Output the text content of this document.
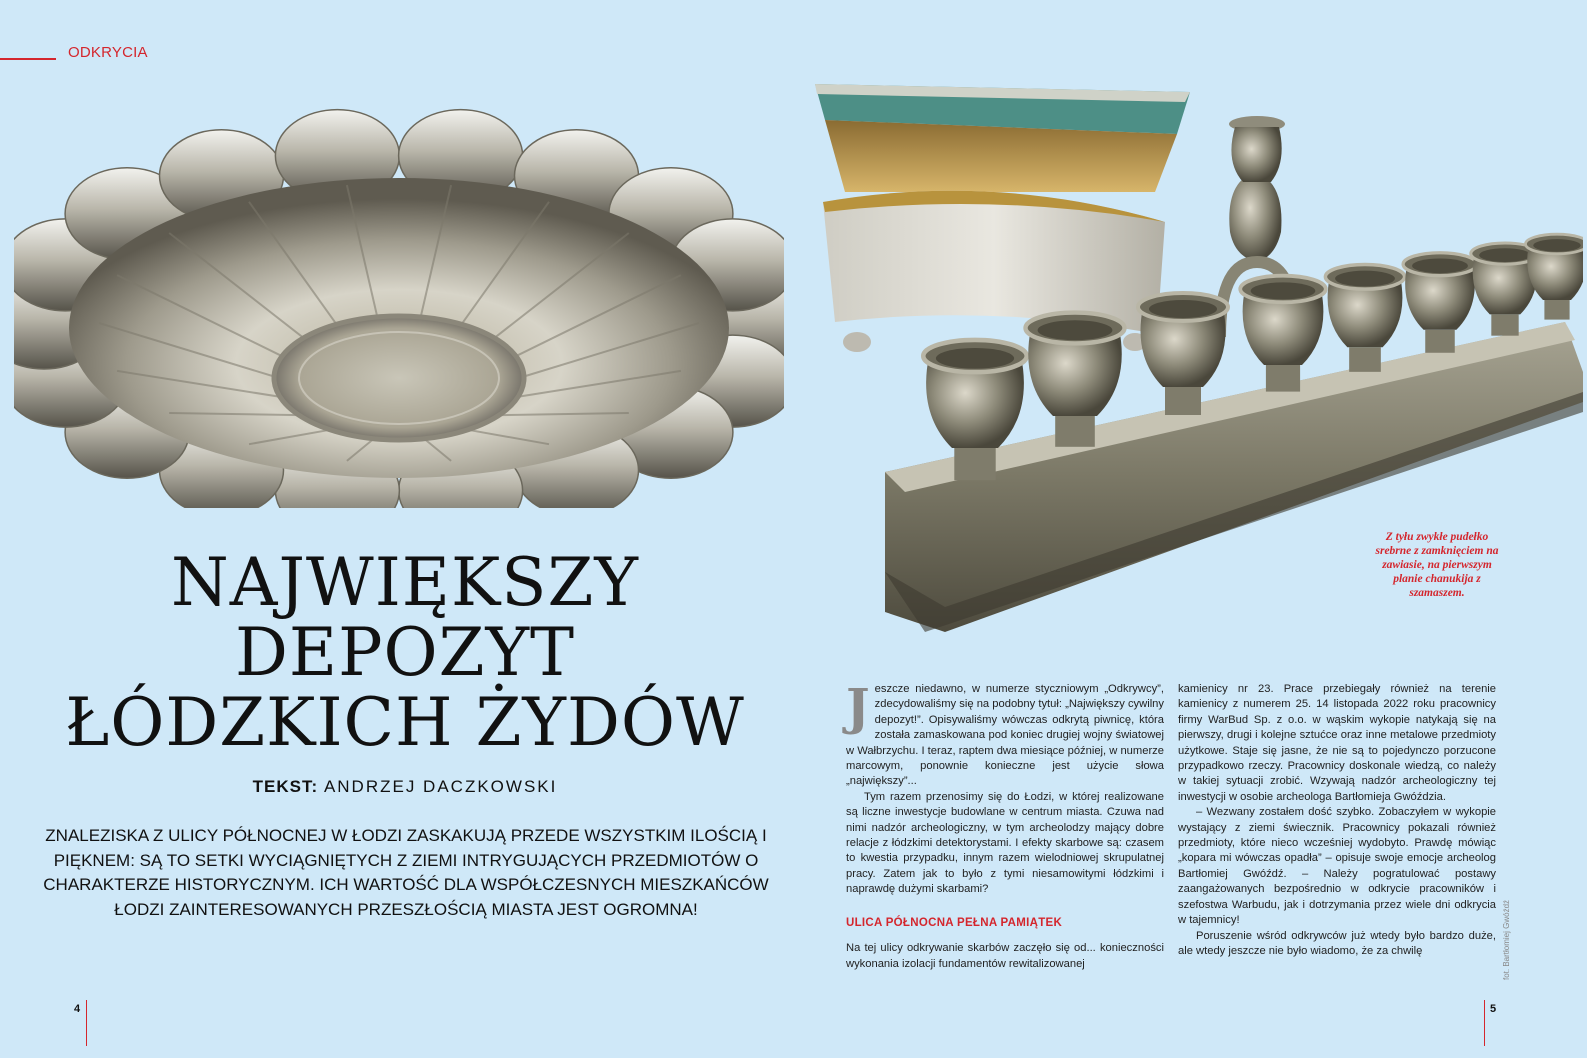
ODKRYCIA
NAJWIĘKSZY
DEPOZYT
ŁÓDZKICH ŻYDÓW
TEKST: ANDRZEJ DACZKOWSKI
ZNALEZISKA Z ULICY PÓŁNOCNEJ W ŁODZI ZASKAKUJĄ PRZEDE WSZYSTKIM ILOŚCIĄ I PIĘKNEM: SĄ TO SETKI WYCIĄGNIĘTYCH Z ZIEMI INTRYGUJĄCYCH PRZEDMIOTÓW O CHARAKTERZE HISTORYCZNYM. ICH WARTOŚĆ DLA WSPÓŁCZESNYCH MIESZKAŃCÓW ŁODZI ZAINTERESOWANYCH PRZESZŁOŚCIĄ MIASTA JEST OGROMNA!
Z tyłu zwykłe pudełko srebrne z zamknięciem na zawiasie, na pierwszym planie chanukija z szamaszem.

Jeszcze niedawno, w numerze styczniowym „Odkrywcy”, zdecydowaliśmy się na podobny tytuł: „Największy cywilny depozyt!”. Opisywaliśmy wówczas odkrytą piwnicę, która została zamaskowana pod koniec drugiej wojny światowej w Wałbrzychu. I teraz, raptem dwa miesiące później, w numerze marcowym, ponownie konieczne jest użycie słowa „największy”...

Tym razem przenosimy się do Łodzi, w której realizowane są liczne inwestycje budowlane w centrum miasta. Czuwa nad nimi nadzór archeologiczny, w tym archeolodzy mający dobre relacje z łódzkimi detektorystami. I efekty skarbowe są: czasem to kwestia przypadku, innym razem wielodniowej skrupulatnej pracy. Zatem jak to było z tymi niesamowitymi łódzkimi i naprawdę dużymi skarbami?

ULICA PÓŁNOCNA PEŁNA PAMIĄTEK

Na tej ulicy odkrywanie skarbów zaczęło się od... konieczności wykonania izolacji fundamentów rewitalizowanej

kamienicy nr 23. Prace przebiegały również na terenie kamienicy z numerem 25. 14 listopada 2022 roku pracownicy firmy WarBud Sp. z o.o. w wąskim wykopie natykają się na pierwszy, drugi i kolejne sztućce oraz inne metalowe przedmioty użytkowe. Staje się jasne, że nie są to pojedynczo porzucone przypadkowo rzeczy. Pracownicy doskonale wiedzą, co należy w takiej sytuacji zrobić. Wzywają nadzór archeologiczny tej inwestycji w osobie archeologa Bartłomieja Gwóździa.

– Wezwany zostałem dość szybko. Zobaczyłem w wykopie wystający z ziemi świecznik. Pracownicy pokazali również przedmioty, które nieco wcześniej wydobyto. Prawdę mówiąc „kopara mi wówczas opadła” – opisuje swoje emocje archeolog Bartłomiej Gwóźdź. – Należy pogratulować postawy zaangażowanych bezpośrednio w odkrycie pracowników i szefostwa Warbudu, jak i dotrzymania przez wiele dni odkrycia w tajemnicy!

Poruszenie wśród odkrywców już wtedy było bardzo duże, ale wtedy jeszcze nie było wiadomo, że za chwilę	fot. Bartłomiej Gwóźdź
4	5
